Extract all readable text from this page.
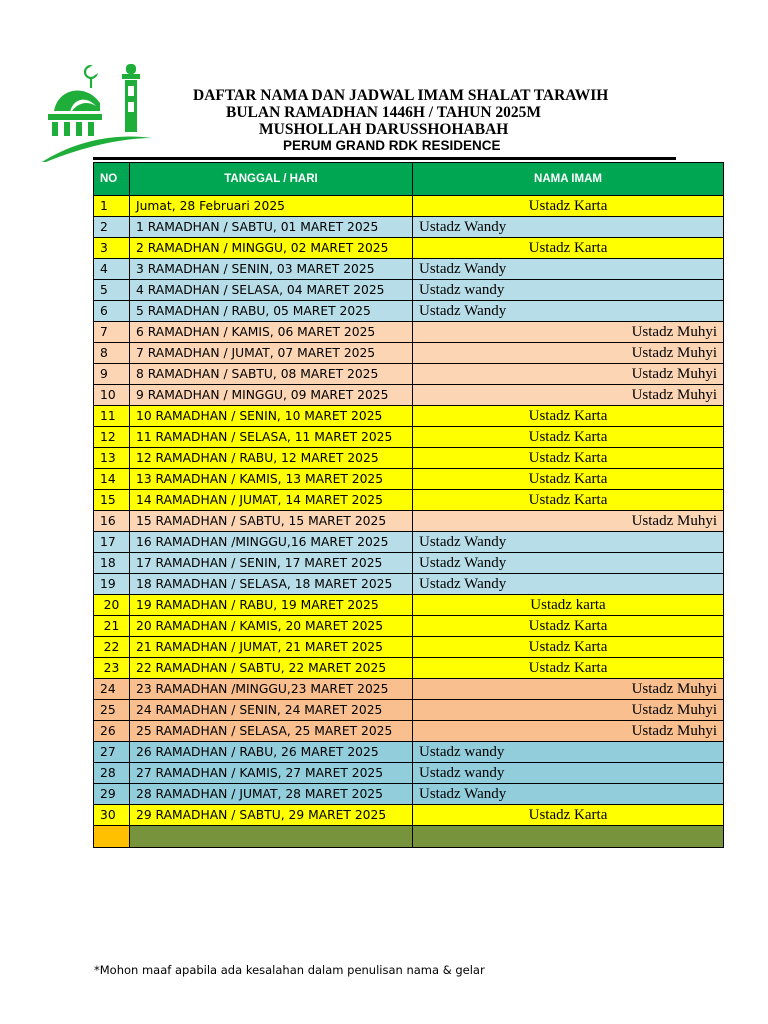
DAFTAR NAMA DAN JADWAL IMAM SHALAT TARAWIH
BULAN RAMADHAN 1446H / TAHUN 2025M
MUSHOLLAH DARUSSHOHABAH
PERUM GRAND RDK RESIDENCE
NO	TANGGAL / HARI	NAMA IMAM
1	Jumat, 28 Februari 2025	Ustadz Karta
2	1 RAMADHAN / SABTU, 01 MARET 2025	Ustadz Wandy
3	2 RAMADHAN / MINGGU, 02 MARET 2025	Ustadz Karta
4	3 RAMADHAN / SENIN, 03 MARET 2025	Ustadz Wandy
5	4 RAMADHAN / SELASA, 04 MARET 2025	Ustadz wandy
6	5 RAMADHAN / RABU, 05 MARET 2025	Ustadz Wandy
7	6 RAMADHAN / KAMIS, 06 MARET 2025	Ustadz Muhyi
8	7 RAMADHAN / JUMAT, 07 MARET 2025	Ustadz Muhyi
9	8 RAMADHAN / SABTU, 08 MARET 2025	Ustadz Muhyi
10	9 RAMADHAN / MINGGU, 09 MARET 2025	Ustadz Muhyi
11	10 RAMADHAN / SENIN, 10 MARET 2025	Ustadz Karta
12	11 RAMADHAN / SELASA, 11 MARET 2025	Ustadz Karta
13	12 RAMADHAN / RABU, 12 MARET 2025	Ustadz Karta
14	13 RAMADHAN / KAMIS, 13 MARET 2025	Ustadz Karta
15	14 RAMADHAN / JUMAT, 14 MARET 2025	Ustadz Karta
16	15 RAMADHAN / SABTU, 15 MARET 2025	Ustadz Muhyi
17	16 RAMADHAN /MINGGU,16 MARET 2025	Ustadz Wandy
18	17 RAMADHAN / SENIN, 17 MARET 2025	Ustadz Wandy
19	18 RAMADHAN / SELASA, 18 MARET 2025	Ustadz Wandy
20	19 RAMADHAN / RABU, 19 MARET 2025	Ustadz karta
21	20 RAMADHAN / KAMIS, 20 MARET 2025	Ustadz Karta
22	21 RAMADHAN / JUMAT, 21 MARET 2025	Ustadz Karta
23	22 RAMADHAN / SABTU, 22 MARET 2025	Ustadz Karta
24	23 RAMADHAN /MINGGU,23 MARET 2025	Ustadz Muhyi
25	24 RAMADHAN / SENIN, 24 MARET 2025	Ustadz Muhyi
26	25 RAMADHAN / SELASA, 25 MARET 2025	Ustadz Muhyi
27	26 RAMADHAN / RABU, 26 MARET 2025	Ustadz wandy
28	27 RAMADHAN / KAMIS, 27 MARET 2025	Ustadz wandy
29	28 RAMADHAN / JUMAT, 28 MARET 2025	Ustadz Wandy
30	29 RAMADHAN / SABTU, 29 MARET 2025	Ustadz Karta

*Mohon maaf apabila ada kesalahan dalam penulisan nama & gelar
